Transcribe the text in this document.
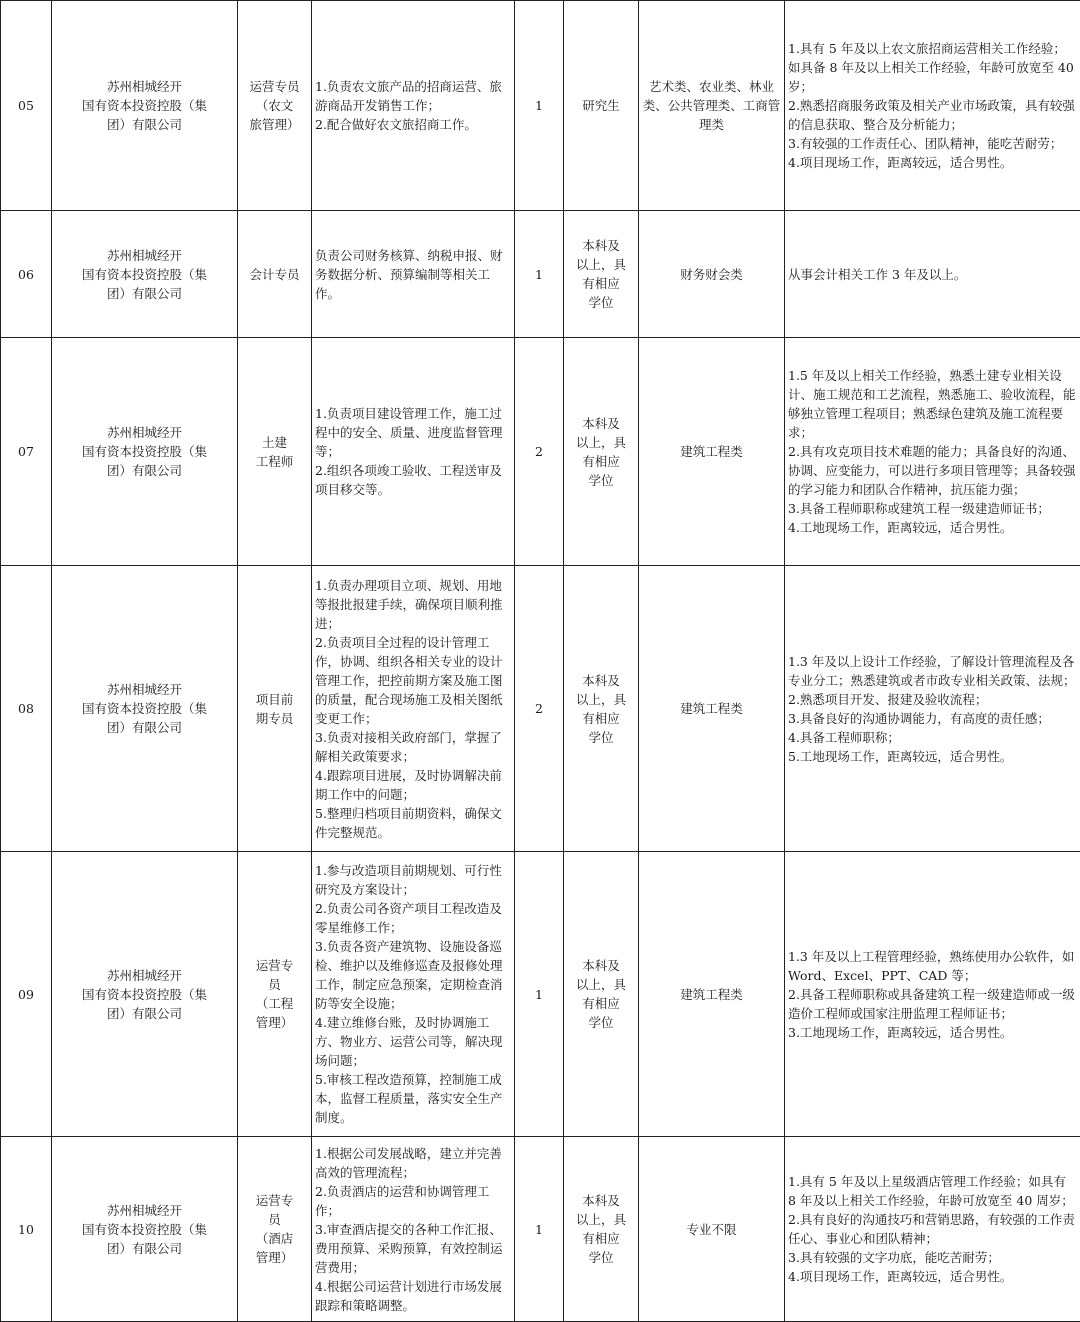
05	苏州相城经开
国有资本投资控股（集
团）有限公司	运营专员
（农文
旅管理）	1.负责农文旅产品的招商运营、旅游商品开发销售工作；
2.配合做好农文旅招商工作。	1	研究生	艺术类、农业类、林业类、公共管理类、工商管理类	1.具有 5 年及以上农文旅招商运营相关工作经验；如具备 8 年及以上相关工作经验，年龄可放宽至 40 岁；
2.熟悉招商服务政策及相关产业市场政策，具有较强的信息获取、整合及分析能力；
3.有较强的工作责任心、团队精神，能吃苦耐劳；
4.项目现场工作，距离较远，适合男性。
06	苏州相城经开
国有资本投资控股（集
团）有限公司	会计专员	负责公司财务核算、纳税申报、财务数据分析、预算编制等相关工作。	1	本科及
以上，具
有相应
学位	财务财会类	从事会计相关工作 3 年及以上。
07	苏州相城经开
国有资本投资控股（集
团）有限公司	土建
工程师	1.负责项目建设管理工作，施工过程中的安全、质量、进度监督管理等；
2.组织各项竣工验收、工程送审及项目移交等。	2	本科及
以上，具
有相应
学位	建筑工程类	1.5 年及以上相关工作经验，熟悉土建专业相关设计、施工规范和工艺流程，熟悉施工、验收流程，能够独立管理工程项目；熟悉绿色建筑及施工流程要求；
2.具有攻克项目技术难题的能力；具备良好的沟通、协调、应变能力，可以进行多项目管理等；具备较强的学习能力和团队合作精神，抗压能力强；
3.具备工程师职称或建筑工程一级建造师证书；
4.工地现场工作，距离较远，适合男性。
08	苏州相城经开
国有资本投资控股（集
团）有限公司	项目前
期专员	1.负责办理项目立项、规划、用地等报批报建手续，确保项目顺利推进；
2.负责项目全过程的设计管理工作，协调、组织各相关专业的设计管理工作，把控前期方案及施工图的质量，配合现场施工及相关图纸变更工作；
3.负责对接相关政府部门，掌握了解相关政策要求；
4.跟踪项目进展，及时协调解决前期工作中的问题；
5.整理归档项目前期资料，确保文件完整规范。	2	本科及
以上，具
有相应
学位	建筑工程类	1.3 年及以上设计工作经验，了解设计管理流程及各专业分工；熟悉建筑或者市政专业相关政策、法规；
2.熟悉项目开发、报建及验收流程；
3.具备良好的沟通协调能力，有高度的责任感；
4.具备工程师职称；
5.工地现场工作，距离较远，适合男性。
09	苏州相城经开
国有资本投资控股（集
团）有限公司	运营专
员
（工程
管理）	1.参与改造项目前期规划、可行性研究及方案设计；
2.负责公司各资产项目工程改造及零星维修工作；
3.负责各资产建筑物、设施设备巡检、维护以及维修巡查及报修处理工作，制定应急预案，定期检查消防等安全设施；
4.建立维修台账，及时协调施工方、物业方、运营公司等，解决现场问题；
5.审核工程改造预算，控制施工成本，监督工程质量，落实安全生产制度。	1	本科及
以上，具
有相应
学位	建筑工程类	1.3 年及以上工程管理经验，熟练使用办公软件，如 Word、Excel、PPT、CAD 等；
2.具备工程师职称或具备建筑工程一级建造师或一级造价工程师或国家注册监理工程师证书；
3.工地现场工作，距离较远，适合男性。
10	苏州相城经开
国有资本投资控股（集
团）有限公司	运营专
员
（酒店
管理）	1.根据公司发展战略，建立并完善高效的管理流程；
2.负责酒店的运营和协调管理工作；
3.审查酒店提交的各种工作汇报、费用预算、采购预算，有效控制运营费用；
4.根据公司运营计划进行市场发展跟踪和策略调整。	1	本科及
以上，具
有相应
学位	专业不限	1.具有 5 年及以上星级酒店管理工作经验；如具有 8 年及以上相关工作经验，年龄可放宽至 40 周岁；
2.具有良好的沟通技巧和营销思路，有较强的工作责任心、事业心和团队精神；
3.具有较强的文字功底，能吃苦耐劳；
4.项目现场工作，距离较远，适合男性。
